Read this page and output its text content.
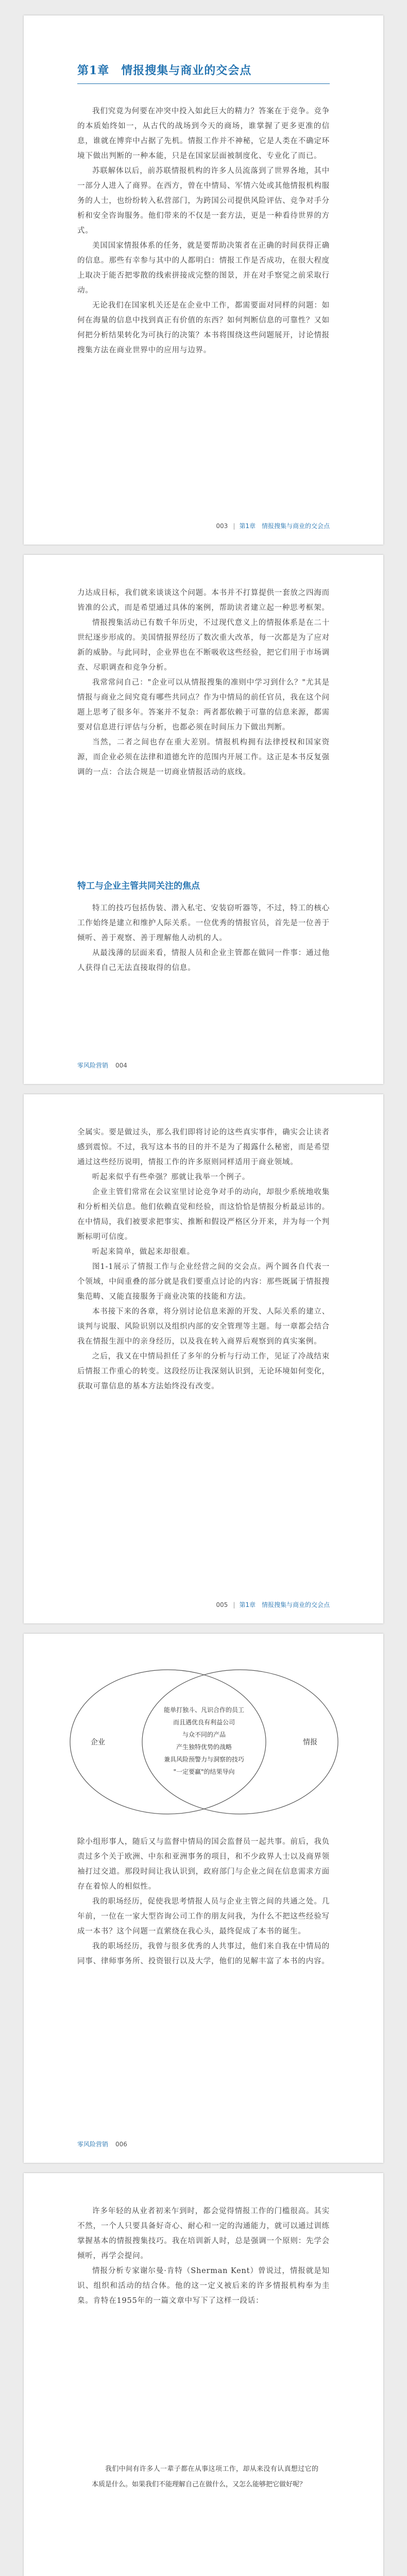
第1章　情报搜集与商业的交会点

我们究竟为何要在冲突中投入如此巨大的精力？答案在于竞争。竞争的本质始终如一，从古代的战场到今天的商场，谁掌握了更多更准的信息，谁就在博弈中占据了先机。情报工作并不神秘，它是人类在不确定环境下做出判断的一种本能，只是在国家层面被制度化、专业化了而已。

苏联解体以后，前苏联情报机构的许多人员流落到了世界各地，其中一部分人进入了商界。在西方，曾在中情局、军情六处或其他情报机构服务的人士，也纷纷转入私营部门，为跨国公司提供风险评估、竞争对手分析和安全咨询服务。他们带来的不仅是一套方法，更是一种看待世界的方式。

美国国家情报体系的任务，就是要帮助决策者在正确的时间获得正确的信息。那些有幸参与其中的人都明白：情报工作是否成功，在很大程度上取决于能否把零散的线索拼接成完整的图景，并在对手察觉之前采取行动。

无论我们在国家机关还是在企业中工作，都需要面对同样的问题：如何在海量的信息中找到真正有价值的东西？如何判断信息的可靠性？又如何把分析结果转化为可执行的决策？本书将围绕这些问题展开，讨论情报搜集方法在商业世界中的应用与边界。

003 | 第1章　情报搜集与商业的交会点

力达成目标，我们就来谈谈这个问题。本书并不打算提供一套放之四海而皆准的公式，而是希望通过具体的案例，帮助读者建立起一种思考框架。

情报搜集活动已有数千年历史，不过现代意义上的情报体系是在二十世纪逐步形成的。美国情报界经历了数次重大改革，每一次都是为了应对新的威胁。与此同时，企业界也在不断吸收这些经验，把它们用于市场调查、尽职调查和竞争分析。

我常常问自己："企业可以从情报搜集的准则中学习到什么？"尤其是情报与商业之间究竟有哪些共同点？作为中情局的前任官员，我在这个问题上思考了很多年。答案并不复杂：两者都依赖于可靠的信息来源，都需要对信息进行评估与分析，也都必须在时间压力下做出判断。

当然，二者之间也存在重大差别。情报机构拥有法律授权和国家资源，而企业必须在法律和道德允许的范围内开展工作。这正是本书反复强调的一点：合法合规是一切商业情报活动的底线。

特工与企业主管共同关注的焦点

特工的技巧包括伪装、潜入私宅、安装窃听器等，不过，特工的核心工作始终是建立和维护人际关系。一位优秀的情报官员，首先是一位善于倾听、善于观察、善于理解他人动机的人。

从最浅薄的层面来看，情报人员和企业主管都在做同一件事：通过他人获得自己无法直接取得的信息。

零风险营销 004

全属实。要是做过头，那么我们即将讨论的这些真实事件，确实会让读者感到震惊。不过，我写这本书的目的并不是为了揭露什么秘密，而是希望通过这些经历说明，情报工作的许多原则同样适用于商业领域。

听起来似乎有些牵强？那就让我举一个例子。

企业主管们常常在会议室里讨论竞争对手的动向，却很少系统地收集和分析相关信息。他们依赖直觉和经验，而这恰恰是情报分析最忌讳的。在中情局，我们被要求把事实、推断和假设严格区分开来，并为每一个判断标明可信度。

听起来简单，做起来却很难。

图1-1展示了情报工作与企业经营之间的交会点。两个圆各自代表一个领域，中间重叠的部分就是我们要重点讨论的内容：那些既属于情报搜集范畴、又能直接服务于商业决策的技能和方法。

本书接下来的各章，将分别讨论信息来源的开发、人际关系的建立、谈判与说服、风险识别以及组织内部的安全管理等主题。每一章都会结合我在情报生涯中的亲身经历，以及我在转入商界后观察到的真实案例。

之后，我又在中情局担任了多年的分析与行动工作，见证了冷战结束后情报工作重心的转变。这段经历让我深刻认识到，无论环境如何变化，获取可靠信息的基本方法始终没有改变。

005 | 第1章　情报搜集与商业的交会点
企业	情报
能单打独斗、凡识合作的员工
而且遇优良有利益公司
与众不同的产品
产生独特优势的战略
兼具风险预警力与洞察的技巧
"一定要赢"的结果导向

除小组形事人，随后又与监督中情局的国会监督员一起共事。前后，我负责过多个关于欧洲、中东和亚洲事务的项目，和不少政界人士以及商界领袖打过交道。那段时间让我认识到，政府部门与企业之间在信息需求方面存在着惊人的相似性。

我的职场经历，促使我思考情报人员与企业主管之间的共通之处。几年前，一位在一家大型咨询公司工作的朋友问我，为什么不把这些经验写成一本书？这个问题一直萦绕在我心头，最终促成了本书的诞生。

我的职场经历，我曾与很多优秀的人共事过，他们来自我在中情局的同事、律师事务所、投资银行以及大学，他们的见解丰富了本书的内容。

零风险营销 006

许多年轻的从业者初来乍到时，都会觉得情报工作的门槛很高。其实不然，一个人只要具备好奇心、耐心和一定的沟通能力，就可以通过训练掌握基本的情报搜集技巧。我在培训新人时，总是强调一个原则：先学会倾听，再学会提问。

情报分析专家谢尔曼·肯特（Sherman Kent）曾说过，情报就是知识、组织和活动的结合体。他的这一定义被后来的许多情报机构奉为圭臬。肯特在1955年的一篇文章中写下了这样一段话：

我们中间有许多人一辈子都在从事这项工作，却从来没有认真想过它的本质是什么。如果我们不能理解自己在做什么，又怎么能够把它做好呢？
